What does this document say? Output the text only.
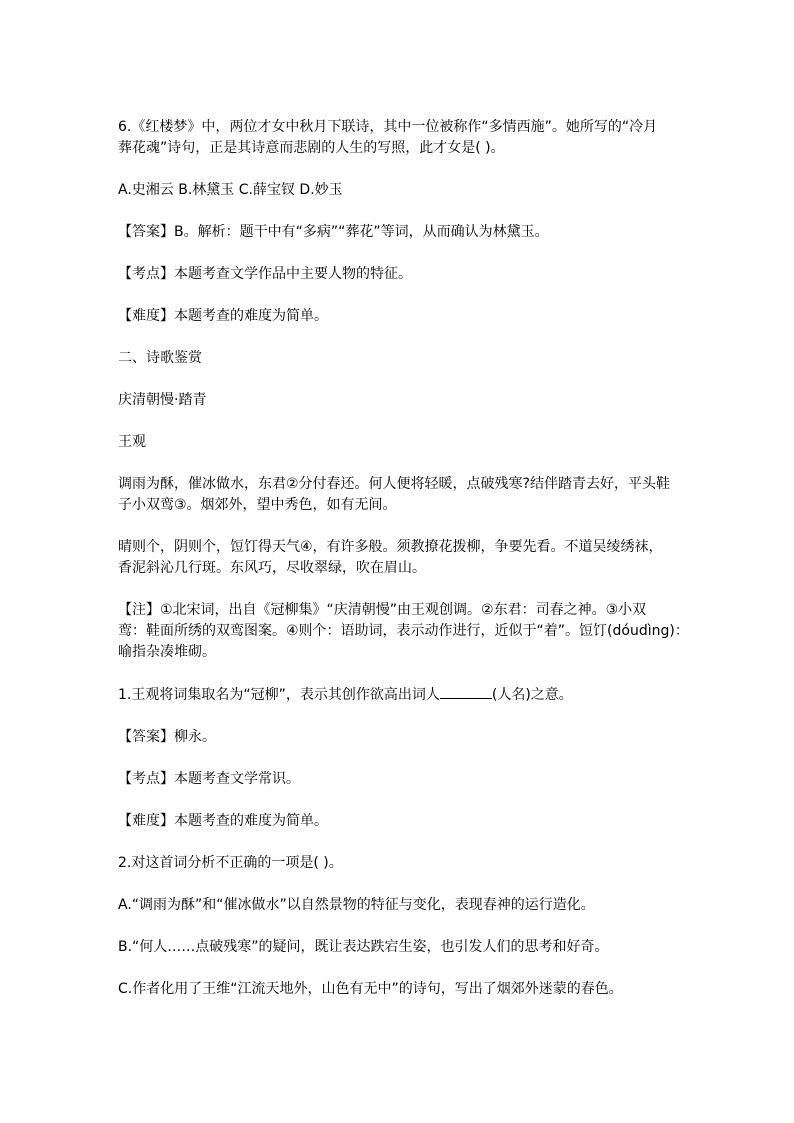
6.《红楼梦》中，两位才女中秋月下联诗，其中一位被称作“多情西施”。她所写的“冷月
葬花魂”诗句，正是其诗意而悲剧的人生的写照，此才女是( )。

A.史湘云 B.林黛玉 C.薛宝钗 D.妙玉

【答案】B。解析：题干中有“多病”“葬花”等词，从而确认为林黛玉。

【考点】本题考查文学作品中主要人物的特征。

【难度】本题考查的难度为简单。

二、诗歌鉴赏

庆清朝慢·踏青

王观

调雨为酥，催冰做水，东君②分付春还。何人便将轻暖，点破残寒?结伴踏青去好，平头鞋
子小双鸾③。烟郊外，望中秀色，如有无间。

晴则个，阴则个，饾饤得天气④，有许多般。须教撩花拨柳，争要先看。不道吴绫绣袜，
香泥斜沁几行斑。东风巧，尽收翠绿，吹在眉山。

【注】①北宋词，出自《冠柳集》“庆清朝慢”由王观创调。②东君：司春之神。③小双
鸾：鞋面所绣的双鸾图案。④则个：语助词，表示动作进行，近似于“着”。饾饤(dóudìng)：
喻指杂凑堆砌。

1.王观将词集取名为“冠柳”，表示其创作欲高出词人	(人名)之意。

【答案】柳永。

【考点】本题考查文学常识。

【难度】本题考查的难度为简单。

2.对这首词分析不正确的一项是( )。

A.“调雨为酥”和“催冰做水”以自然景物的特征与变化，表现春神的运行造化。

B.“何人……点破残寒”的疑问，既让表达跌宕生姿，也引发人们的思考和好奇。

C.作者化用了王维“江流天地外，山色有无中”的诗句，写出了烟郊外迷蒙的春色。
